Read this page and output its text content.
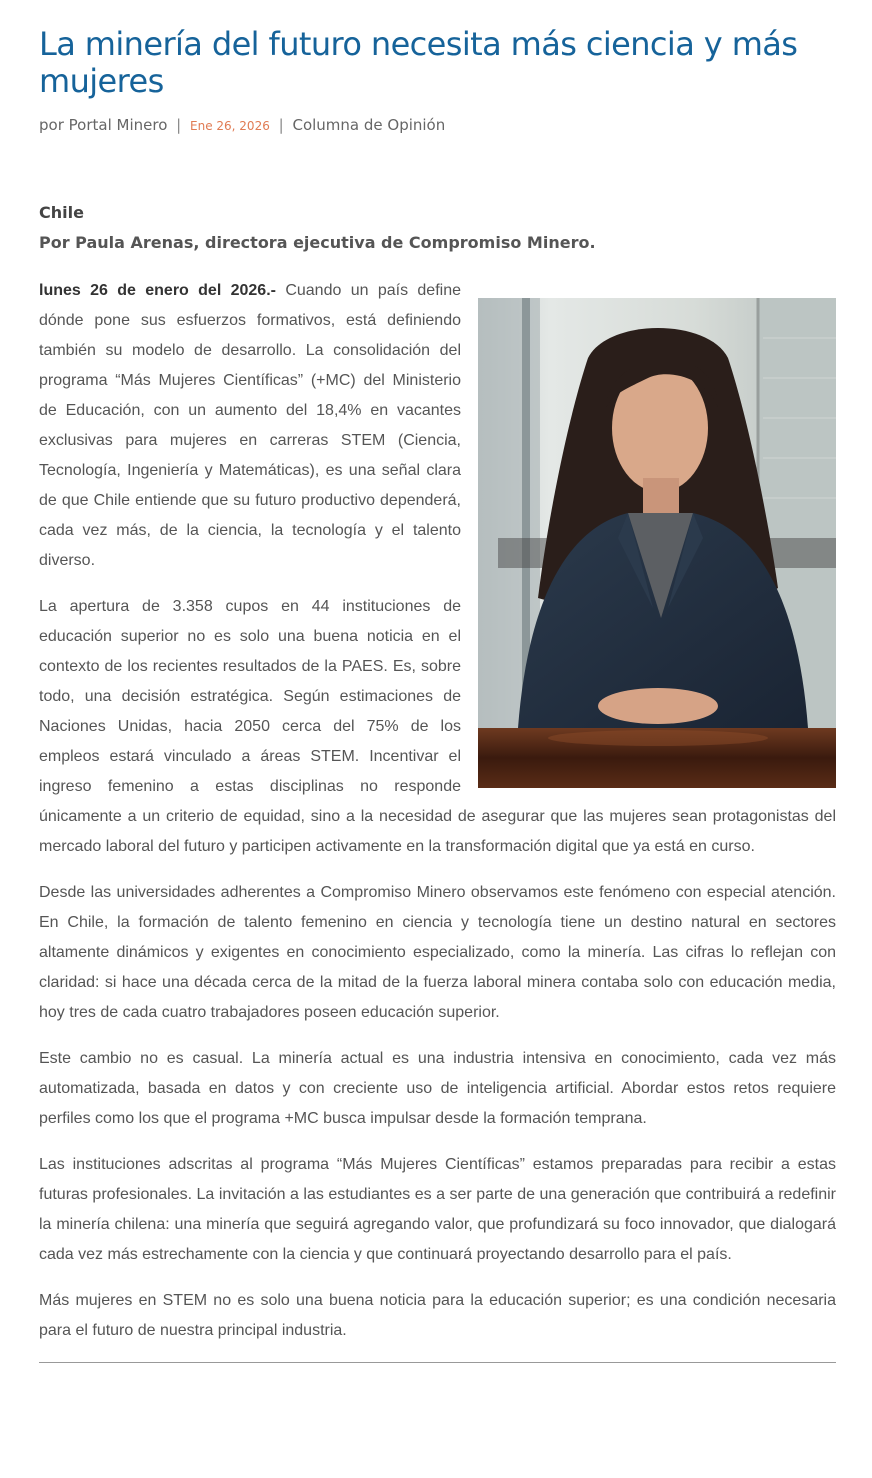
La minería del futuro necesita más ciencia y más mujeres
por Portal Minero | Ene 26, 2026 | Columna de Opinión
Chile
Por Paula Arenas, directora ejecutiva de Compromiso Minero.

lunes 26 de enero del 2026.- Cuando un país define dónde pone sus esfuerzos formativos, está definiendo también su modelo de desarrollo. La consolidación del programa “Más Mujeres Científicas” (+MC) del Ministerio de Educación, con un aumento del 18,4% en vacantes exclusivas para mujeres en carreras STEM (Ciencia, Tecnología, Ingeniería y Matemáticas), es una señal clara de que Chile entiende que su futuro productivo dependerá, cada vez más, de la ciencia, la tecnología y el talento diverso.

La apertura de 3.358 cupos en 44 instituciones de educación superior no es solo una buena noticia en el contexto de los recientes resultados de la PAES. Es, sobre todo, una decisión estratégica. Según estimaciones de Naciones Unidas, hacia 2050 cerca del 75% de los empleos estará vinculado a áreas STEM. Incentivar el ingreso femenino a estas disciplinas no responde únicamente a un criterio de equidad, sino a la necesidad de asegurar que las mujeres sean protagonistas del mercado laboral del futuro y participen activamente en la transformación digital que ya está en curso.

Desde las universidades adherentes a Compromiso Minero observamos este fenómeno con especial atención. En Chile, la formación de talento femenino en ciencia y tecnología tiene un destino natural en sectores altamente dinámicos y exigentes en conocimiento especializado, como la minería. Las cifras lo reflejan con claridad: si hace una década cerca de la mitad de la fuerza laboral minera contaba solo con educación media, hoy tres de cada cuatro trabajadores poseen educación superior.

Este cambio no es casual. La minería actual es una industria intensiva en conocimiento, cada vez más automatizada, basada en datos y con creciente uso de inteligencia artificial. Abordar estos retos requiere perfiles como los que el programa +MC busca impulsar desde la formación temprana.

Las instituciones adscritas al programa “Más Mujeres Científicas” estamos preparadas para recibir a estas futuras profesionales. La invitación a las estudiantes es a ser parte de una generación que contribuirá a redefinir la minería chilena: una minería que seguirá agregando valor, que profundizará su foco innovador, que dialogará cada vez más estrechamente con la ciencia y que continuará proyectando desarrollo para el país.

Más mujeres en STEM no es solo una buena noticia para la educación superior; es una condición necesaria para el futuro de nuestra principal industria.
